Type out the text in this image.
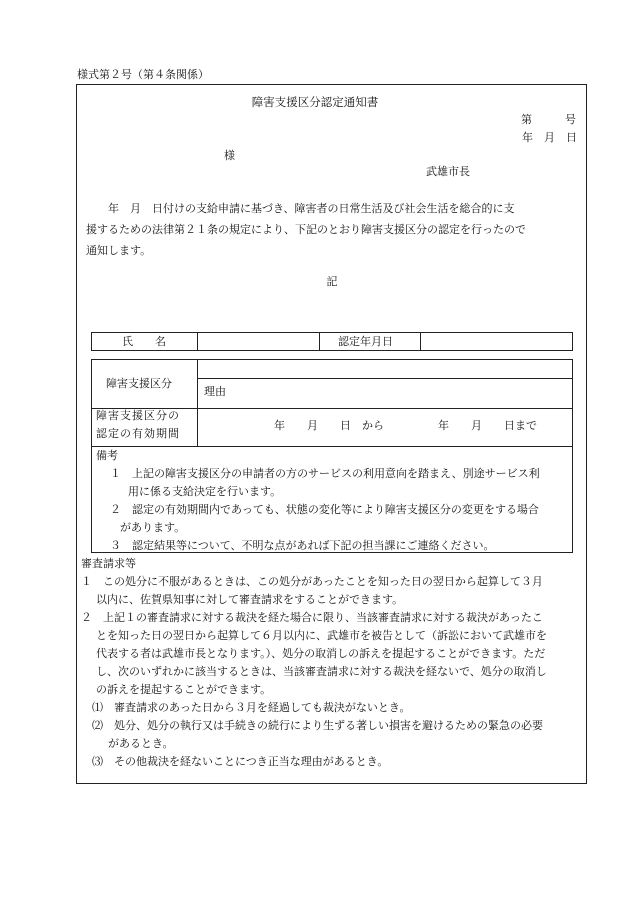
様式第２号（第４条関係）
障害支援区分認定通知書
第　　　号
年　月　日
様
武雄市長
　　年　月　日付けの支給申請に基づき、障害者の日常生活及び社会生活を総合的に支
援するための法律第２１条の規定により、下記のとおり障害支援区分の認定を行ったので
通知します。
記
氏　　名	認定年月日
障害支援区分
理由
障害支援区分の
認定の有効期間
年　　月　　日　から	年　　月　　日まで
備考
１　上記の障害支援区分の申請者の方のサービスの利用意向を踏まえ、別途サービス利
用に係る支給決定を行います。
２　認定の有効期間内であっても、状態の変化等により障害支援区分の変更をする場合
があります。
３　認定結果等について、不明な点があれば下記の担当課にご連絡ください。
審査請求等
１　この処分に不服があるときは、この処分があったことを知った日の翌日から起算して３月
以内に、佐賀県知事に対して審査請求をすることができます。
２　上記１の審査請求に対する裁決を経た場合に限り、当該審査請求に対する裁決があったこ
とを知った日の翌日から起算して６月以内に、武雄市を被告として（訴訟において武雄市を
代表する者は武雄市長となります。）、処分の取消しの訴えを提起することができます。ただ
し、次のいずれかに該当するときは、当該審査請求に対する裁決を経ないで、処分の取消し
の訴えを提起することができます。
⑴　審査請求のあった日から３月を経過しても裁決がないとき。
⑵　処分、処分の執行又は手続きの続行により生ずる著しい損害を避けるための緊急の必要
があるとき。
⑶　その他裁決を経ないことにつき正当な理由があるとき。
